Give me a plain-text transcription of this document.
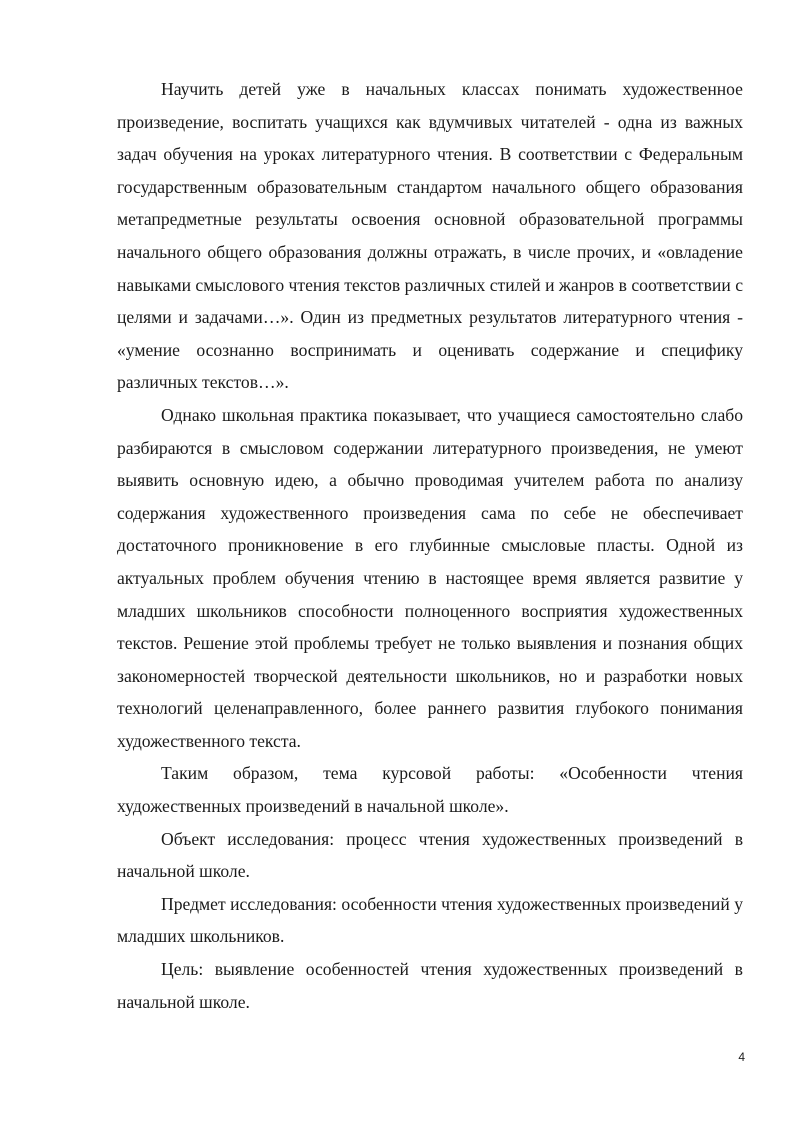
Научить детей уже в начальных классах понимать художественное произведение, воспитать учащихся как вдумчивых читателей - одна из важных задач обучения на уроках литературного чтения. В соответствии с Федеральным государственным образовательным стандартом начального общего образования метапредметные результаты освоения основной образовательной программы начального общего образования должны отражать, в числе прочих, и «овладение навыками смыслового чтения текстов различных стилей и жанров в соответствии с целями и задачами…». Один из предметных результатов литературного чтения - «умение осознанно воспринимать и оценивать содержание и специфику различных текстов…».

Однако школьная практика показывает, что учащиеся самостоятельно слабо разбираются в смысловом содержании литературного произведения, не умеют выявить основную идею, а обычно проводимая учителем работа по анализу содержания художественного произведения сама по себе не обеспечивает достаточного проникновение в его глубинные смысловые пласты. Одной из актуальных проблем обучения чтению в настоящее время является развитие у младших школьников способности полноценного восприятия художественных текстов. Решение этой проблемы требует не только выявления и познания общих закономерностей творческой деятельности школьников, но и разработки новых технологий целенаправленного, более раннего развития глубокого понимания художественного текста.

Таким образом, тема курсовой работы: «Особенности чтения художественных произведений в начальной школе».

Объект исследования: процесс чтения художественных произведений в начальной школе.

Предмет исследования: особенности чтения художественных произведений у младших школьников.

Цель: выявление особенностей чтения художественных произведений в начальной школе.

4
